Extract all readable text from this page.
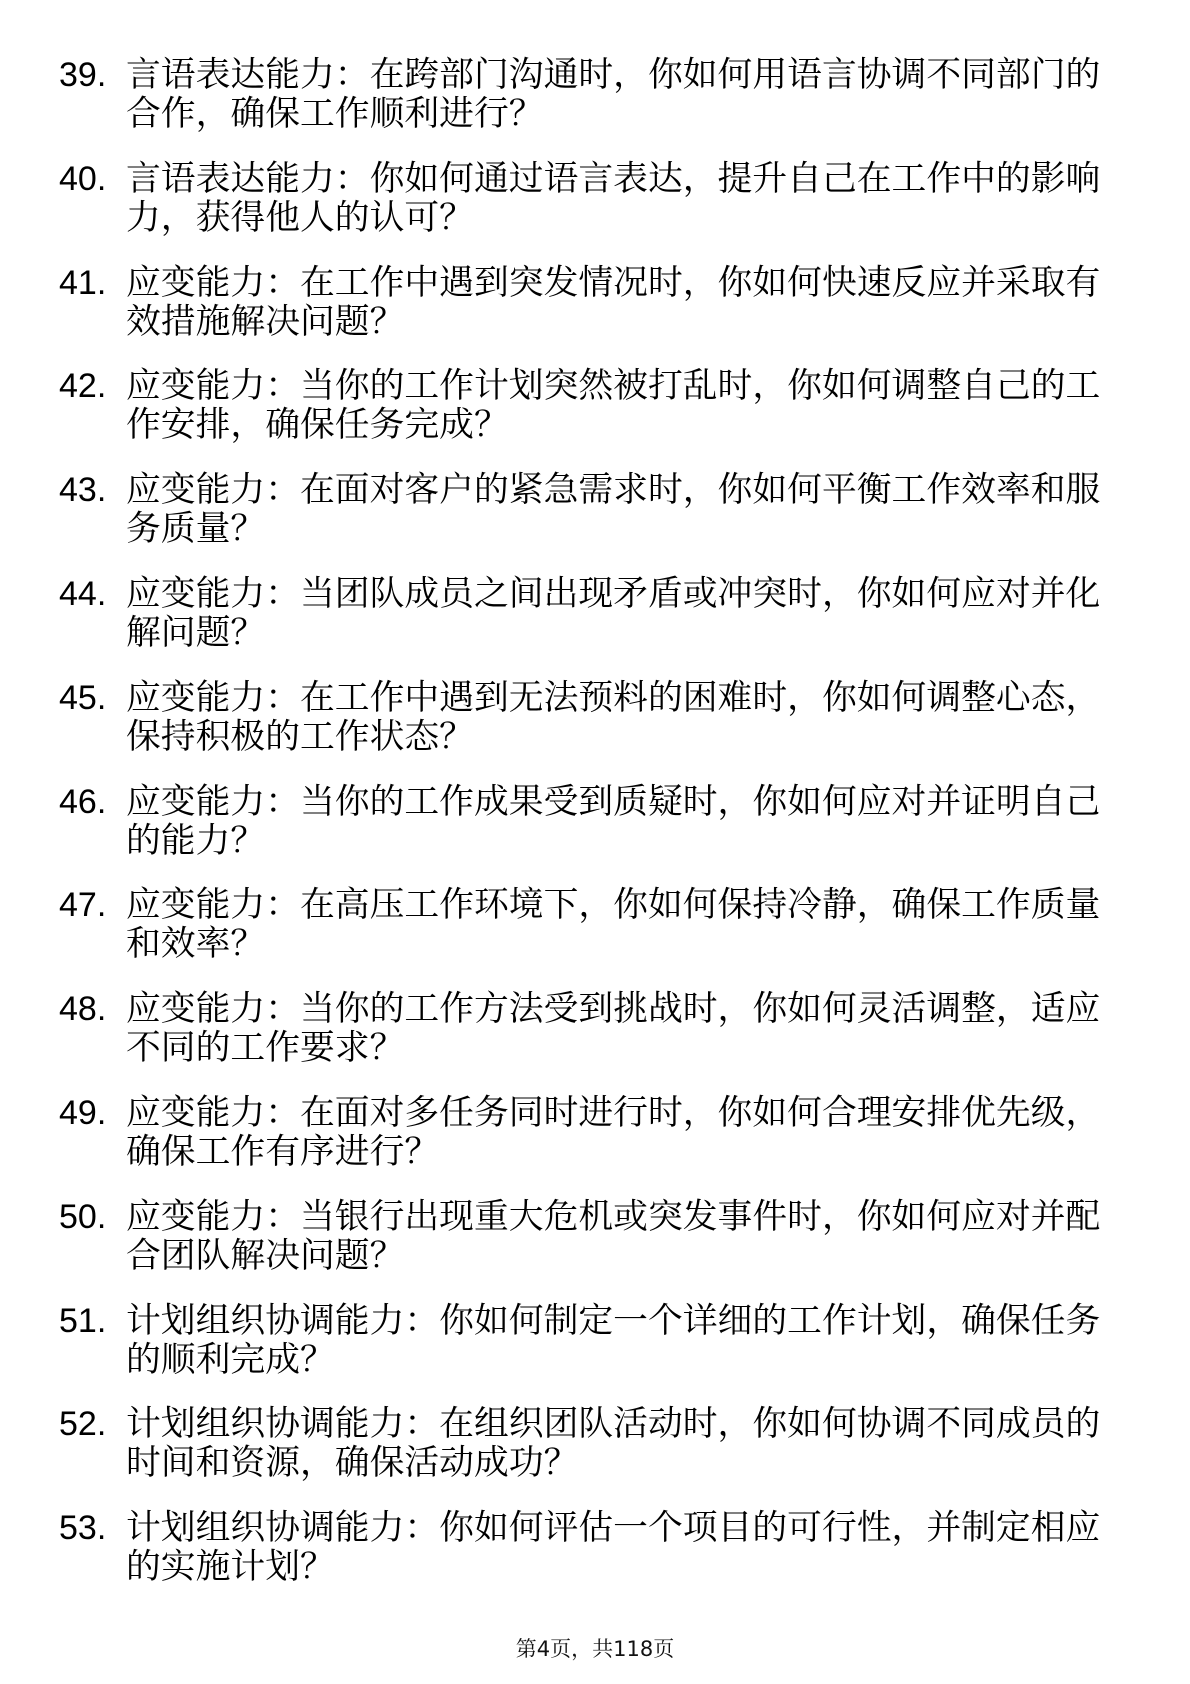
39. 言语表达能力：在跨部门沟通时，你如何用语言协调不同部门的
合作，确保工作顺利进行？
40. 言语表达能力：你如何通过语言表达，提升自己在工作中的影响
力，获得他人的认可？
41. 应变能力：在工作中遇到突发情况时，你如何快速反应并采取有
效措施解决问题？
42. 应变能力：当你的工作计划突然被打乱时，你如何调整自己的工
作安排，确保任务完成？
43. 应变能力：在面对客户的紧急需求时，你如何平衡工作效率和服
务质量？
44. 应变能力：当团队成员之间出现矛盾或冲突时，你如何应对并化
解问题？
45. 应变能力：在工作中遇到无法预料的困难时，你如何调整心态，
保持积极的工作状态？
46. 应变能力：当你的工作成果受到质疑时，你如何应对并证明自己
的能力？
47. 应变能力：在高压工作环境下，你如何保持冷静，确保工作质量
和效率？
48. 应变能力：当你的工作方法受到挑战时，你如何灵活调整，适应
不同的工作要求？
49. 应变能力：在面对多任务同时进行时，你如何合理安排优先级，
确保工作有序进行？
50. 应变能力：当银行出现重大危机或突发事件时，你如何应对并配
合团队解决问题？
51. 计划组织协调能力：你如何制定一个详细的工作计划，确保任务
的顺利完成？
52. 计划组织协调能力：在组织团队活动时，你如何协调不同成员的
时间和资源，确保活动成功？
53. 计划组织协调能力：你如何评估一个项目的可行性，并制定相应
的实施计划？
第4页，共118页
